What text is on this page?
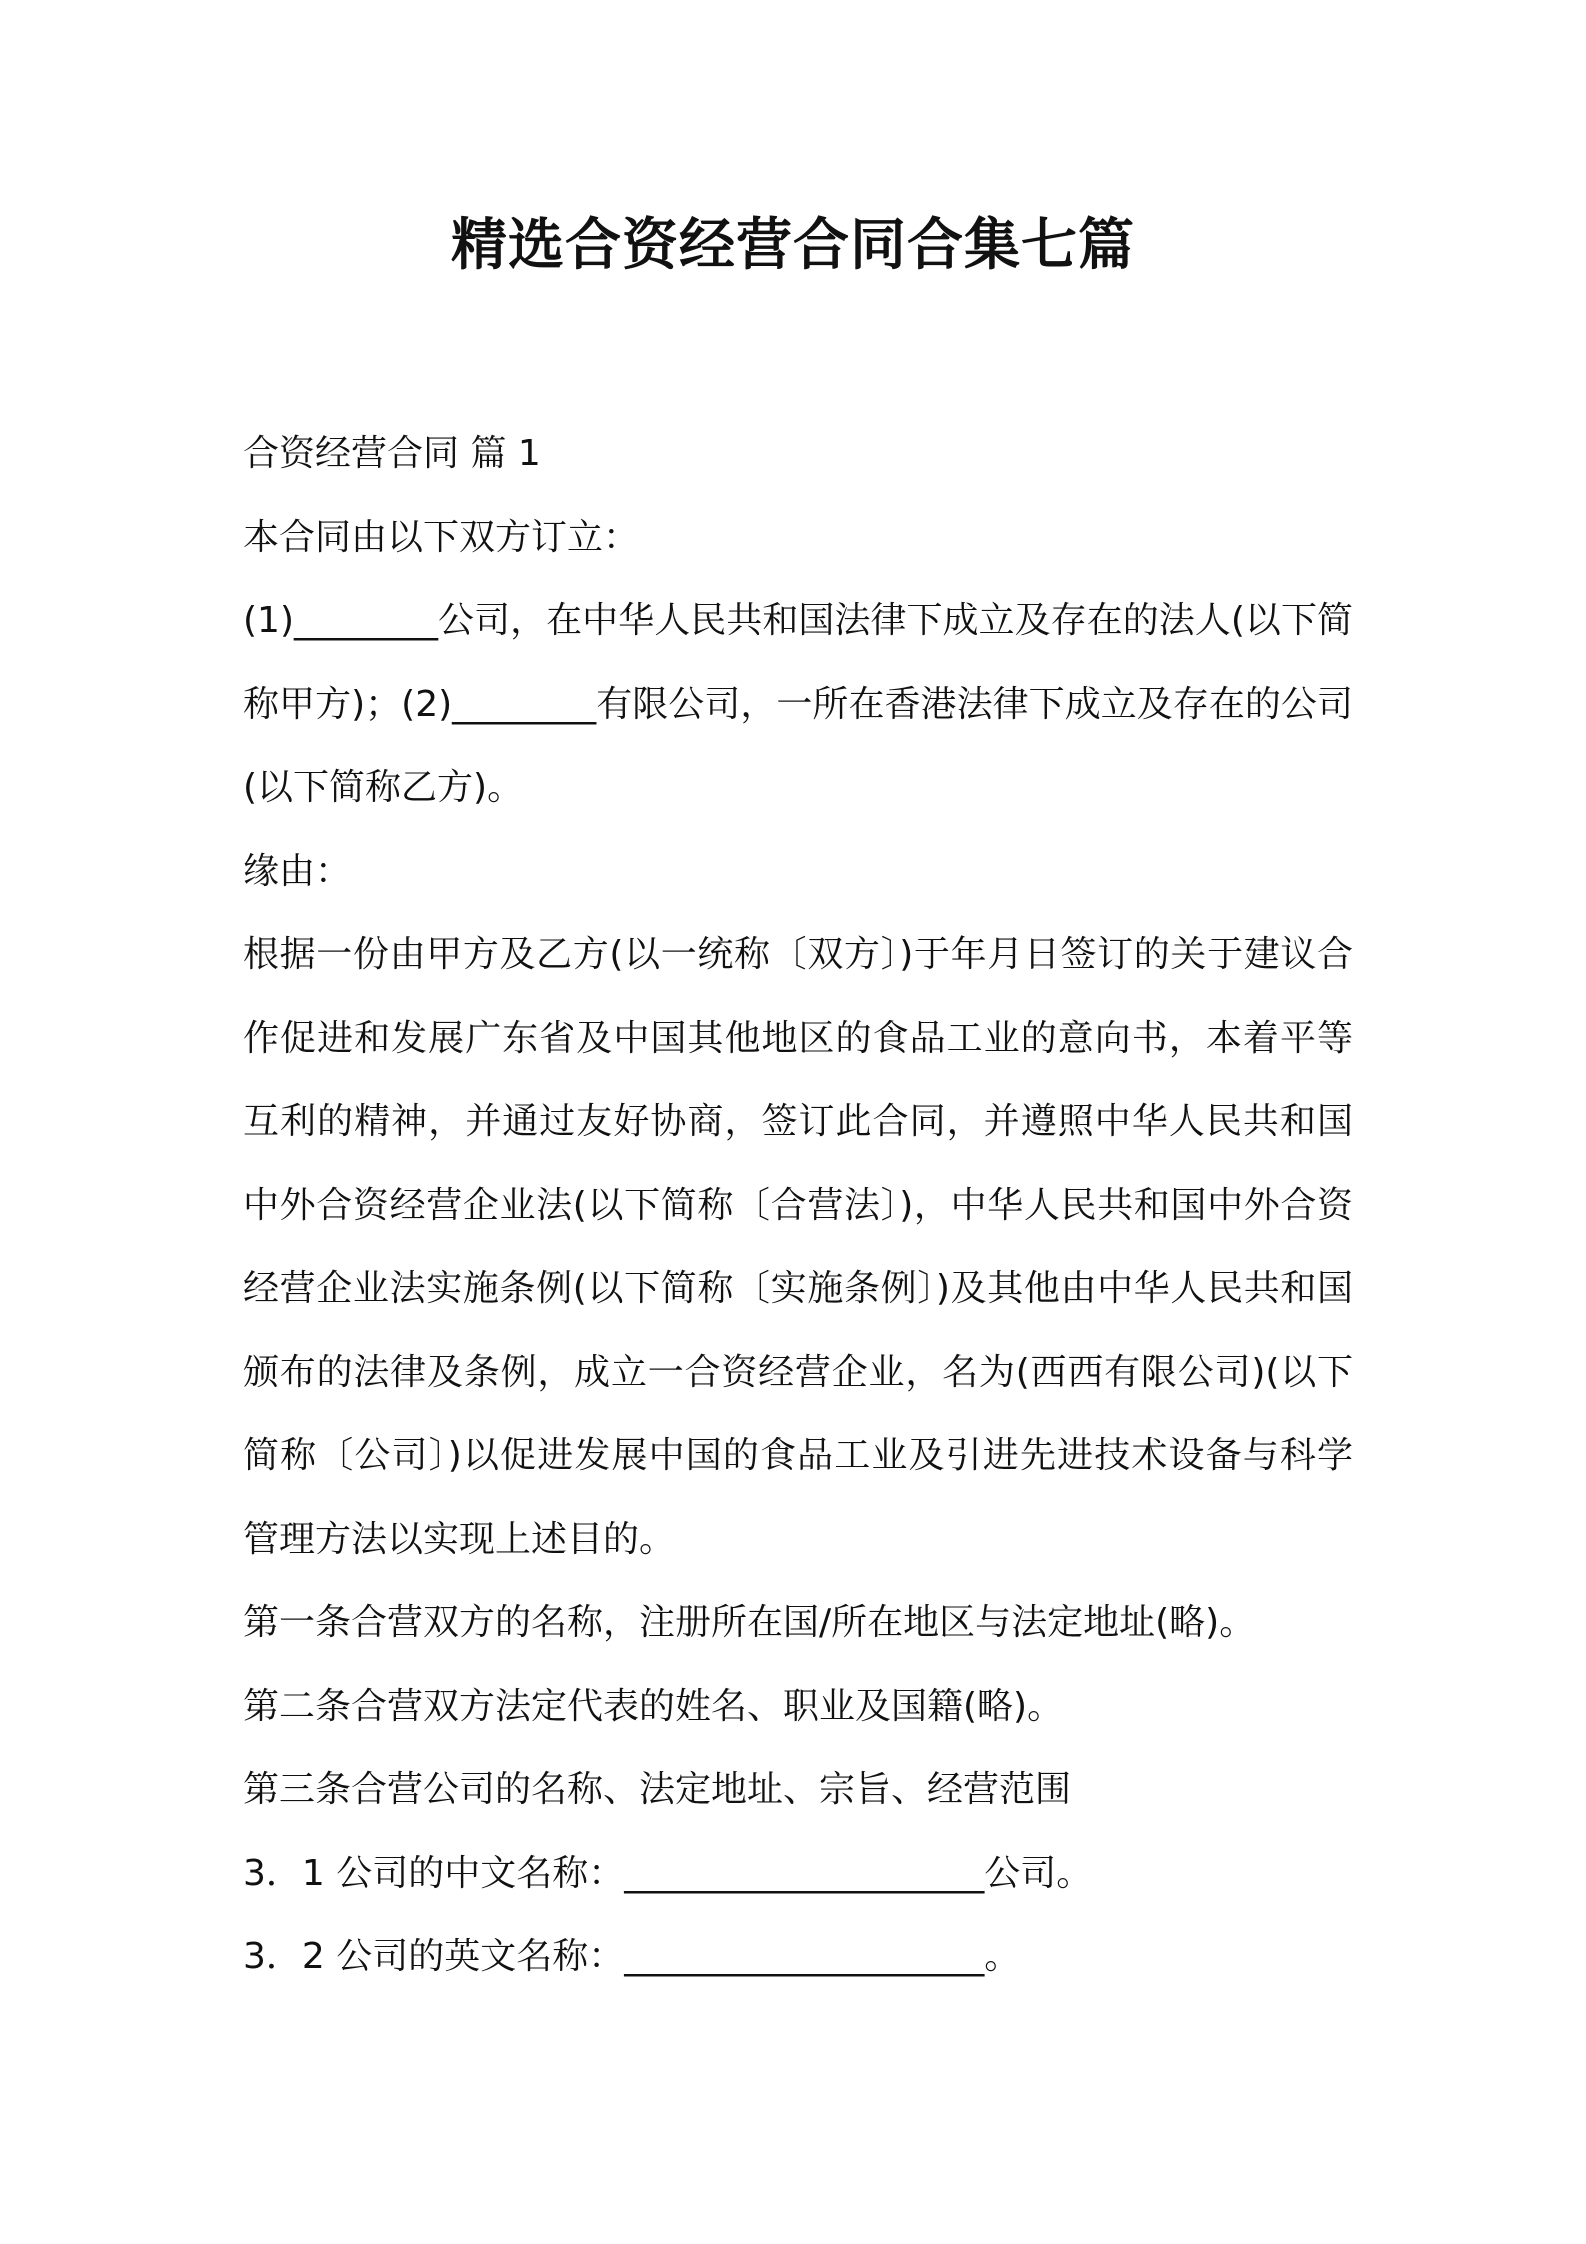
精选合资经营合同合集七篇

合资经营合同 篇 1

本合同由以下双方订立：

(1)________公司，在中华人民共和国法律下成立及存在的法人(以下简称甲方)；(2)________有限公司，一所在香港法律下成立及存在的公司(以下简称乙方)。

缘由：

根据一份由甲方及乙方(以一统称〔双方〕)于年月日签订的关于建议合作促进和发展广东省及中国其他地区的食品工业的意向书，本着平等互利的精神，并通过友好协商，签订此合同，并遵照中华人民共和国中外合资经营企业法(以下简称〔合营法〕)，中华人民共和国中外合资经营企业法实施条例(以下简称〔实施条例〕)及其他由中华人民共和国颁布的法律及条例，成立一合资经营企业，名为(西西有限公司)(以下简称〔公司〕)以促进发展中国的食品工业及引进先进技术设备与科学管理方法以实现上述目的。

第一条合营双方的名称，注册所在国/所在地区与法定地址(略)。

第二条合营双方法定代表的姓名、职业及国籍(略)。

第三条合营公司的名称、法定地址、宗旨、经营范围

3．1 公司的中文名称：____________________公司。

3．2 公司的英文名称：____________________。
